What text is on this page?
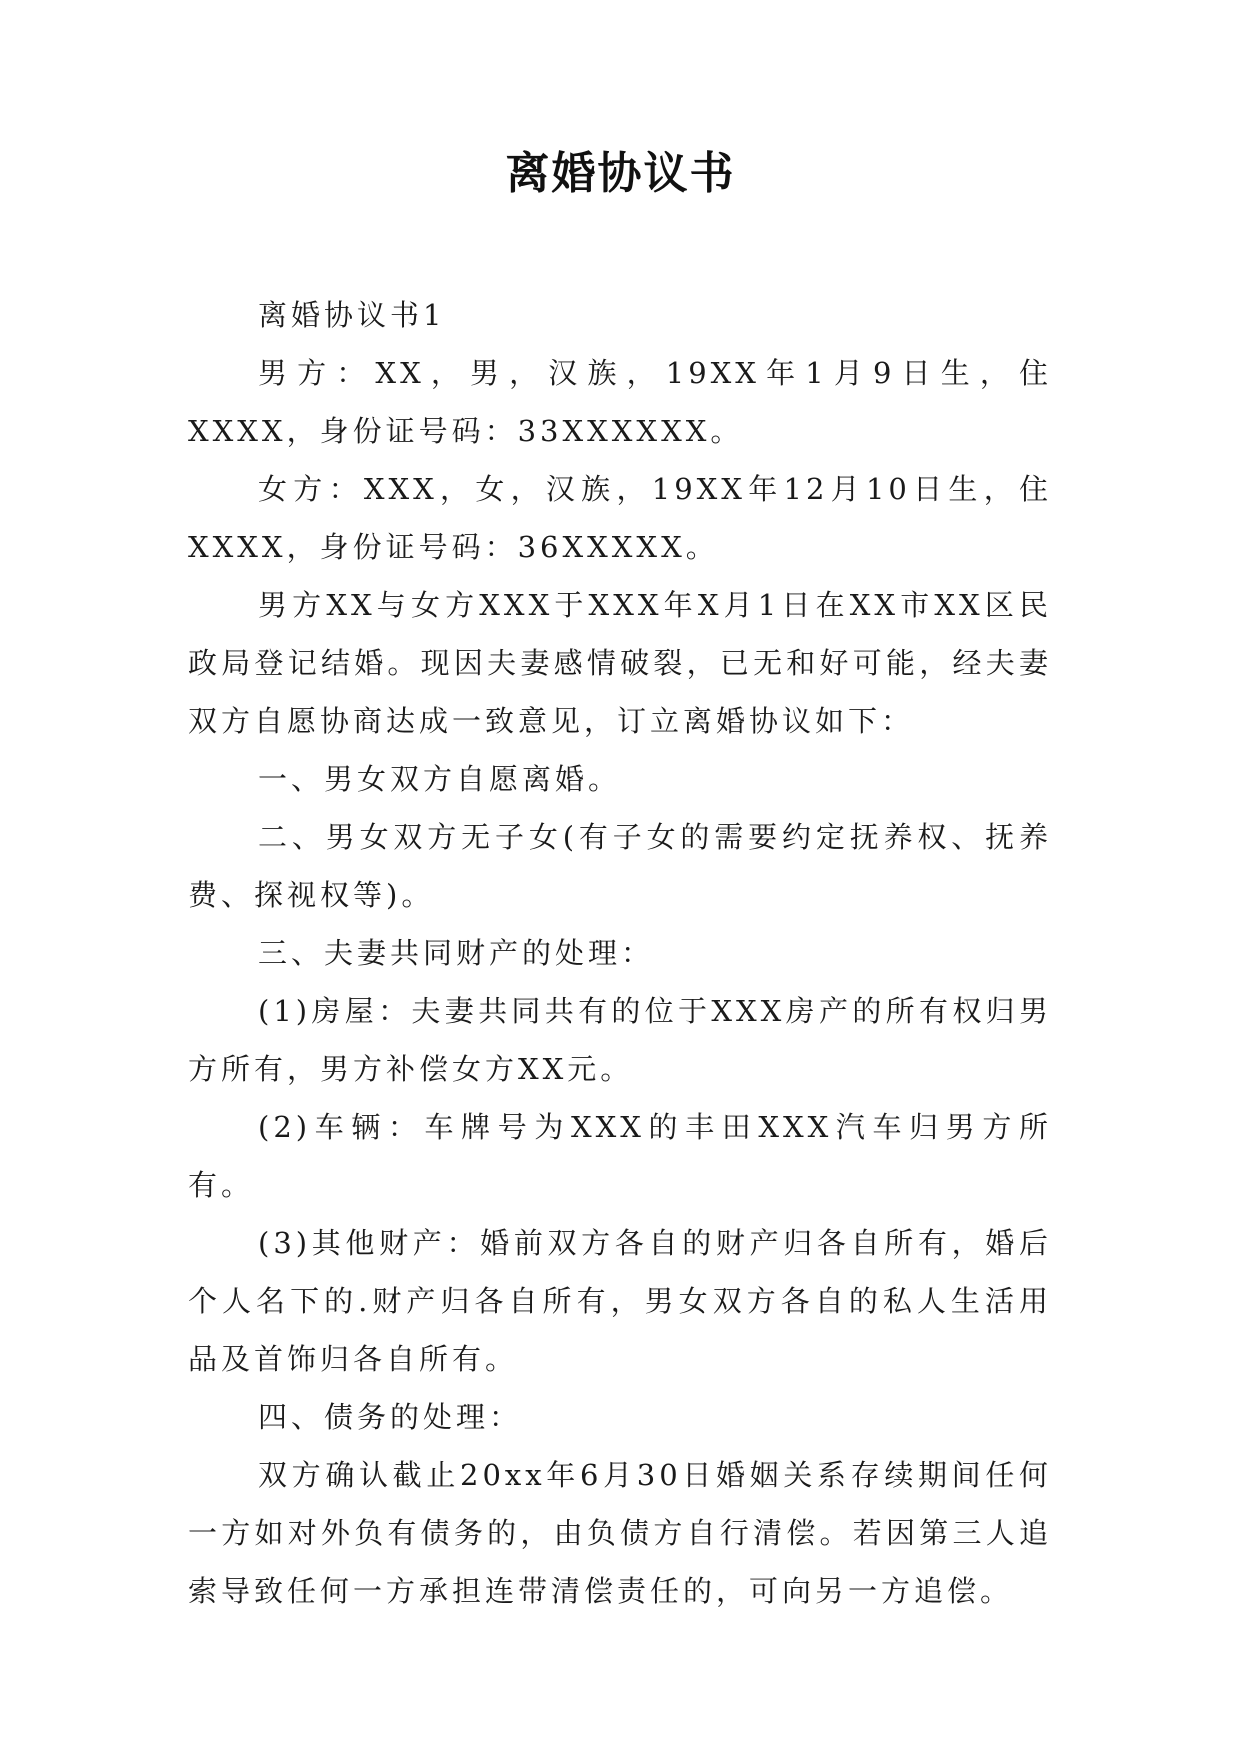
离婚协议书

离婚协议书1

男方：XX，男，汉族，19XX年1月9日生，住XXXX，身份证号码：33XXXXXX。

女方：XXX，女，汉族，19XX年12月10日生，住XXXX，身份证号码：36XXXXX。

男方XX与女方XXX于XXX年X月1日在XX市XX区民政局登记结婚。现因夫妻感情破裂，已无和好可能，经夫妻双方自愿协商达成一致意见，订立离婚协议如下：

一、男女双方自愿离婚。

二、男女双方无子女(有子女的需要约定抚养权、抚养费、探视权等)。

三、夫妻共同财产的处理：

(1)房屋：夫妻共同共有的位于XXX房产的所有权归男方所有，男方补偿女方XX元。

(2)车辆：车牌号为XXX的丰田XXX汽车归男方所有。

(3)其他财产：婚前双方各自的财产归各自所有，婚后个人名下的.财产归各自所有，男女双方各自的私人生活用品及首饰归各自所有。

四、债务的处理：

双方确认截止20xx年6月30日婚姻关系存续期间任何一方如对外负有债务的，由负债方自行清偿。若因第三人追索导致任何一方承担连带清偿责任的，可向另一方追偿。
